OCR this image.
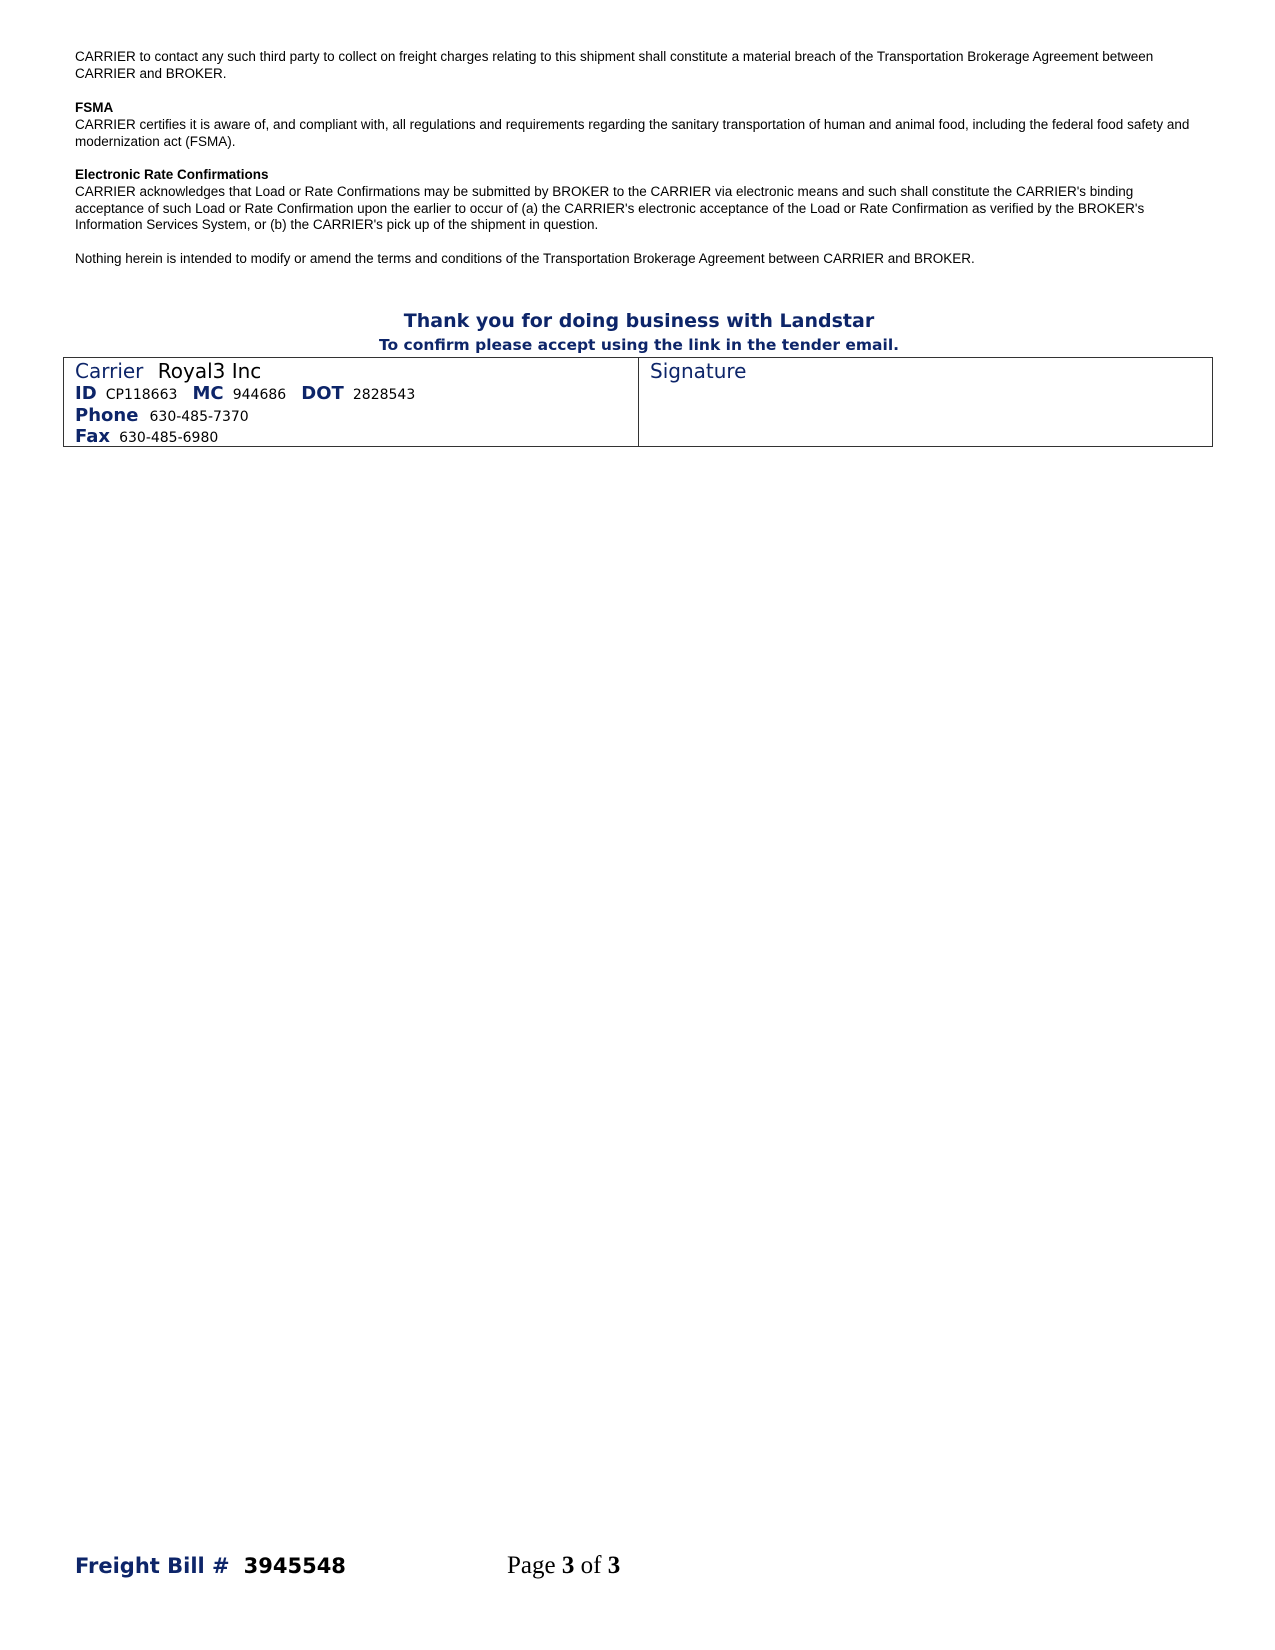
CARRIER to contact any such third party to collect on freight charges relating to this shipment shall constitute a material breach of the Transportation Brokerage Agreement between CARRIER and BROKER.

FSMA

CARRIER certifies it is aware of, and compliant with, all regulations and requirements regarding the sanitary transportation of human and animal food, including the federal food safety and modernization act (FSMA).

Electronic Rate Confirmations

CARRIER acknowledges that Load or Rate Confirmations may be submitted by BROKER to the CARRIER via electronic means and such shall constitute the CARRIER's binding acceptance of such Load or Rate Confirmation upon the earlier to occur of (a) the CARRIER's electronic acceptance of the Load or Rate Confirmation as verified by the BROKER's Information Services System, or (b) the CARRIER's pick up of the shipment in question.

Nothing herein is intended to modify or amend the terms and conditions of the Transportation Brokerage Agreement between CARRIER and BROKER.

Thank you for doing business with Landstar
To confirm please accept using the link in the tender email.
Carrier Royal3 Inc
ID CP118663 MC 944686 DOT 2828543
Phone 630-485-7370
Fax 630-485-6980
Signature
Freight Bill # 3945548	Page 3 of 3
